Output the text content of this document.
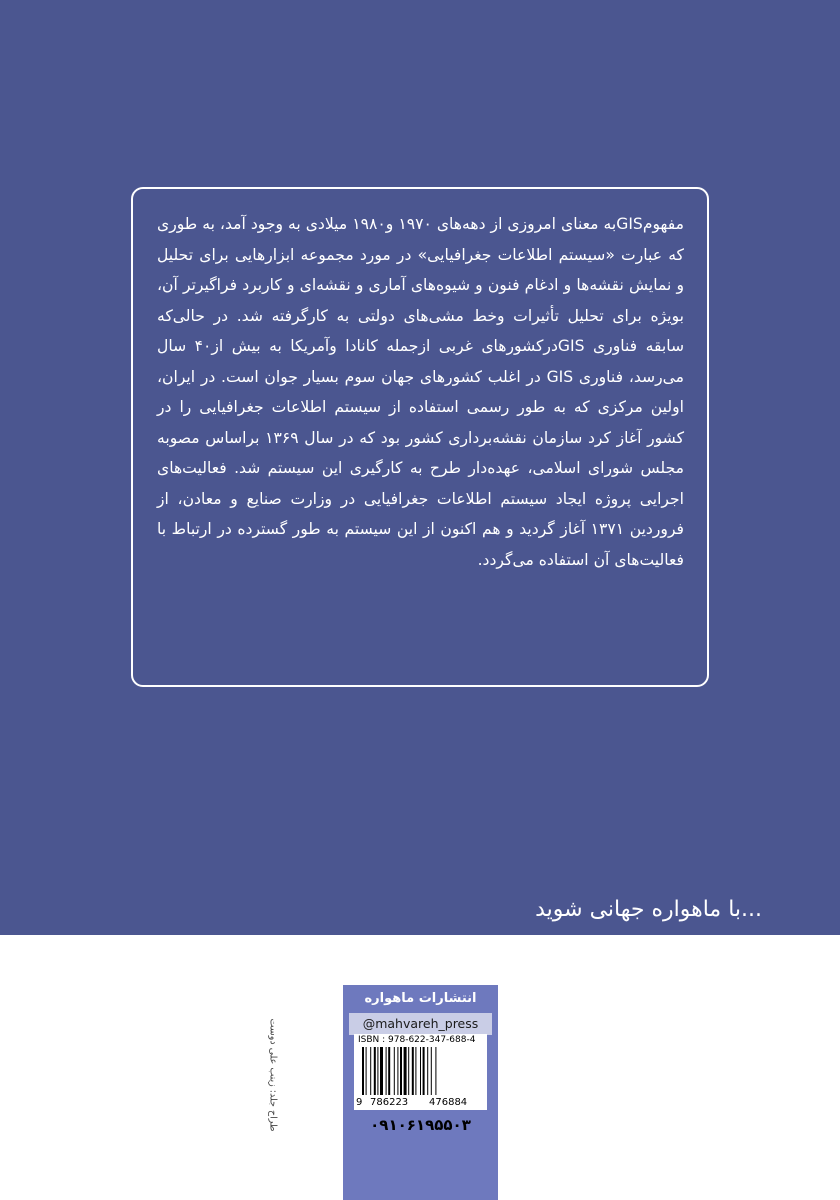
مفهومGISبه معنای امروزی از دهه‌های ۱۹۷۰ و۱۹۸۰ میلادی به وجود آمد، به طوری که عبارت «سیستم اطلاعات جغرافیایی» در مورد مجموعه ابزارهایی برای تحلیل و نمایش نقشه‌ها و ادغام فنون و شیوه‌های آماری و نقشه‌ای و کاربرد فراگیرتر آن، بویژه برای تحلیل تأثیرات وخط مشی‌های دولتی به کارگرفته شد. در حالی‌که سابقه فناوری GISدرکشورهای غربی ازجمله کانادا وآمریکا به بیش از۴۰ سال می‌رسد، فناوری GIS در اغلب کشورهای جهان سوم بسیار جوان است. در ایران، اولین مرکزی که به طور رسمی استفاده از سیستم اطلاعات جغرافیایی را در کشور آغاز کرد سازمان نقشه‌برداری کشور بود که در سال ۱۳۶۹ براساس مصوبه مجلس شورای اسلامی، عهده‌دار طرح به کارگیری این سیستم شد. فعالیت‌های اجرایی پروژه ایجاد سیستم اطلاعات جغرافیایی در وزارت صنایع و معادن، از فروردین ۱۳۷۱ آغاز گردید و هم اکنون از این سیستم به طور گسترده در ارتباط با فعالیت‌های آن استفاده می‌گردد.

...با ماهواره جهانی شوید
طراح جلد: زینب علی دوست
انتشارات ماهواره
@mahvareh_press
ISBN : 978-622-347-688-4
9 786223 476884
۰۹۱۰۶۱۹۵۵۰۳
